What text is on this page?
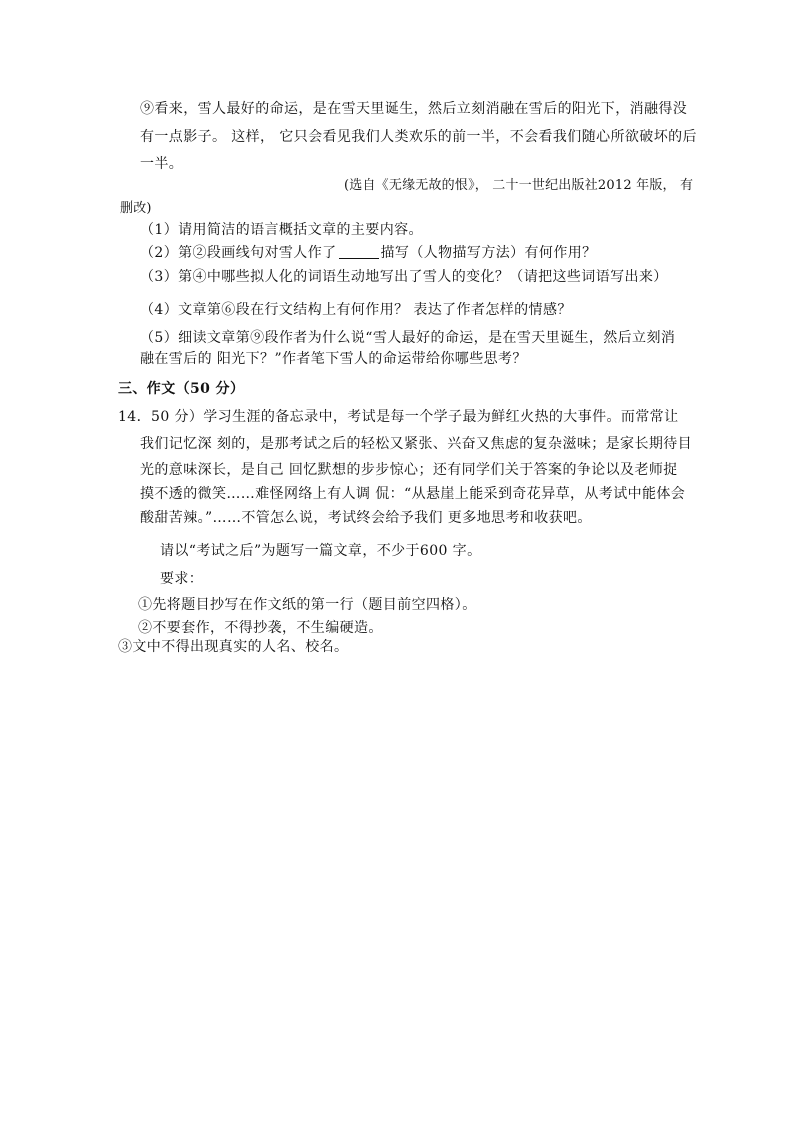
⑨看来，雪人最好的命运，是在雪天里诞生，然后立刻消融在雪后的阳光下，消融得没
有一点影子。 这样， 它只会看见我们人类欢乐的前一半，不会看我们随心所欲破坏的后
一半。
(选自《无缘无故的恨》， 二十一世纪出版社2012 年版， 有
删改)
（1）请用简洁的语言概括文章的主要内容。
（2）第②段画线句对雪人作了	描写（人物描写方法）有何作用？
（3）第④中哪些拟人化的词语生动地写出了雪人的变化？（请把这些词语写出来）
（4）文章第⑥段在行文结构上有何作用？ 表达了作者怎样的情感？
（5）细读文章第⑨段作者为什么说“雪人最好的命运，是在雪天里诞生，然后立刻消
融在雪后的 阳光下？”作者笔下雪人的命运带给你哪些思考？
三、作文（50 分）
14．50 分）学习生涯的备忘录中，考试是每一个学子最为鲜红火热的大事件。而常常让
我们记忆深 刻的，是那考试之后的轻松又紧张、兴奋又焦虑的复杂滋味；是家长期待目
光的意味深长，是自己 回忆默想的步步惊心；还有同学们关于答案的争论以及老师捉
摸不透的微笑……难怪网络上有人调 侃：“从悬崖上能采到奇花异草，从考试中能体会
酸甜苦辣。”……不管怎么说，考试终会给予我们 更多地思考和收获吧。
请以“考试之后”为题写一篇文章，不少于600 字。
要求：
①先将题目抄写在作文纸的第一行（题目前空四格）。
②不要套作，不得抄袭，不生编硬造。
③文中不得出现真实的人名、校名。
